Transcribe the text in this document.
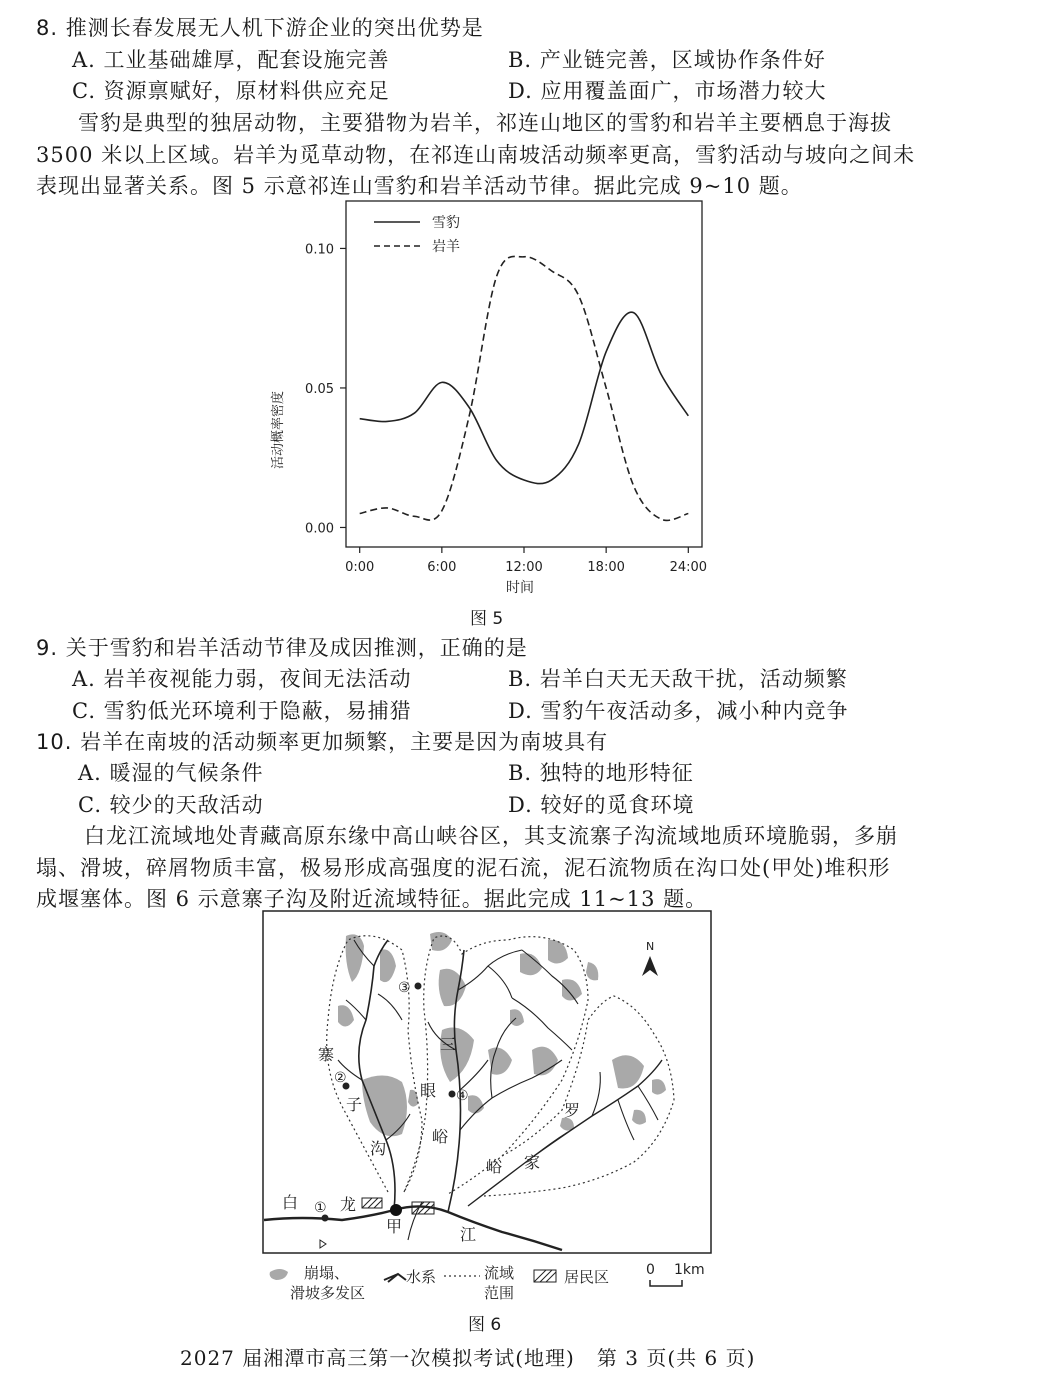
8. 推测长春发展无人机下游企业的突出优势是
A. 工业基础雄厚，配套设施完善	B. 产业链完善，区域协作条件好
C. 资源禀赋好，原材料供应充足	D. 应用覆盖面广，市场潜力较大
雪豹是典型的独居动物，主要猎物为岩羊，祁连山地区的雪豹和岩羊主要栖息于海拔
3500 米以上区域。岩羊为觅草动物，在祁连山南坡活动频率更高，雪豹活动与坡向之间未
表现出显著关系。图 5 示意祁连山雪豹和岩羊活动节律。据此完成 9~10 题。
0.00
0.05
0.10
0:00	6:00	12:00	18:00	24:00
雪豹
岩羊
活动概率密度
时间
图 5
9. 关于雪豹和岩羊活动节律及成因推测，正确的是
A. 岩羊夜视能力弱，夜间无法活动	B. 岩羊白天无天敌干扰，活动频繁
C. 雪豹低光环境利于隐蔽，易捕猎	D. 雪豹午夜活动多，减小种内竞争
10. 岩羊在南坡的活动频率更加频繁，主要是因为南坡具有
A. 暖湿的气候条件	B. 独特的地形特征
C. 较少的天敌活动	D. 较好的觅食环境
白龙江流域地处青藏高原东缘中高山峡谷区，其支流寨子沟流域地质环境脆弱，多崩
塌、滑坡，碎屑物质丰富，极易形成高强度的泥石流，泥石流物质在沟口处(甲处)堆积形
成堰塞体。图 6 示意寨子沟及附近流域特征。据此完成 11~13 题。
①
②
③
④
寨
子
沟
三
眼
峪
罗
家
峪
白	龙
江
甲
N
崩塌、
滑坡多发区
水系	流域
范围
居民区	0 1km
图 6
2027 届湘潭市高三第一次模拟考试(地理)   第 3 页(共 6 页)
